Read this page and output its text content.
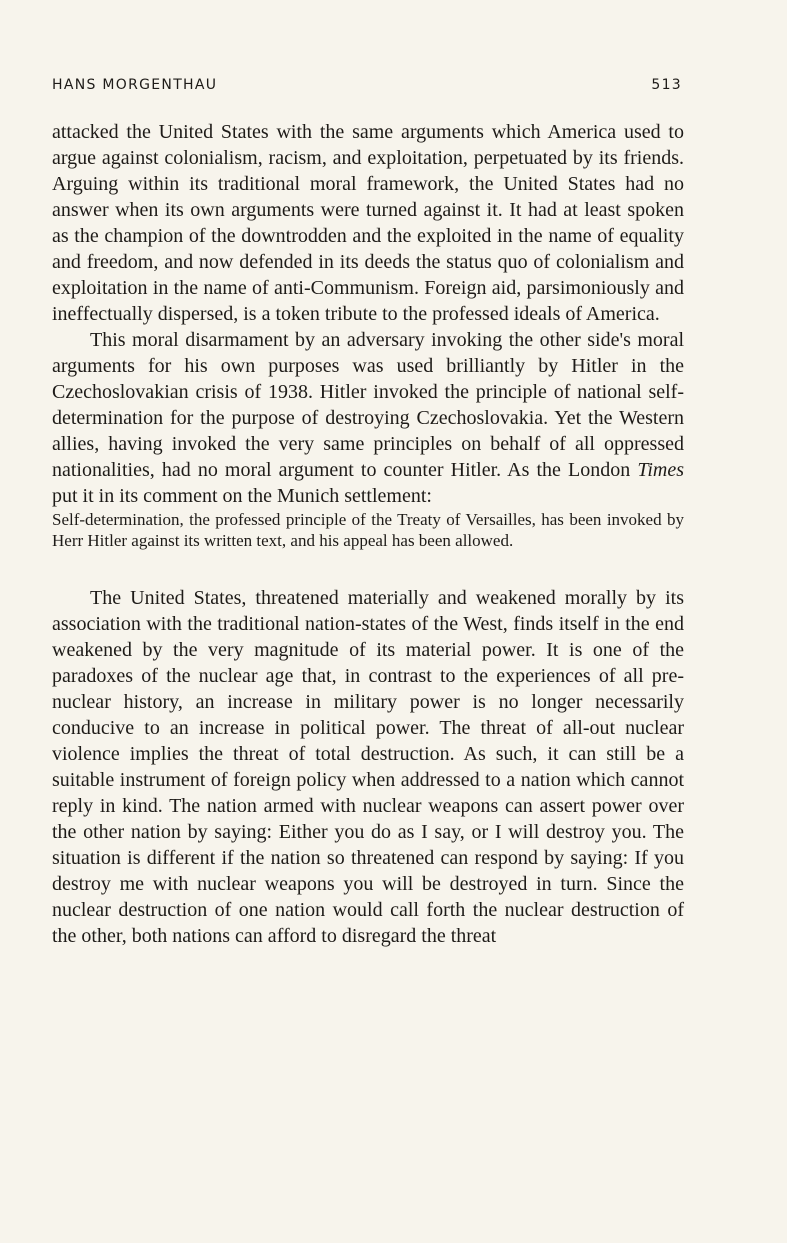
HANS MORGENTHAU	513

attacked the United States with the same arguments which America used to argue against colonialism, racism, and exploitation, perpetuated by its friends. Arguing within its traditional moral framework, the United States had no answer when its own arguments were turned against it. It had at least spoken as the champion of the downtrodden and the exploited in the name of equality and freedom, and now defended in its deeds the status quo of colonialism and exploitation in the name of anti-Communism. Foreign aid, parsimoniously and ineffectually dispersed, is a token tribute to the professed ideals of America.

This moral disarmament by an adversary invoking the other side's moral arguments for his own purposes was used brilliantly by Hitler in the Czechoslovakian crisis of 1938. Hitler invoked the principle of national self-determination for the purpose of destroying Czechoslovakia. Yet the Western allies, having invoked the very same principles on behalf of all oppressed nationalities, had no moral argument to counter Hitler. As the London Times put it in its comment on the Munich settlement:

Self-determination, the professed principle of the Treaty of Versailles, has been invoked by Herr Hitler against its written text, and his appeal has been allowed.

The United States, threatened materially and weakened morally by its association with the traditional nation-states of the West, finds itself in the end weakened by the very magnitude of its material power. It is one of the paradoxes of the nuclear age that, in contrast to the experiences of all pre-nuclear history, an increase in military power is no longer necessarily conducive to an increase in political power. The threat of all-out nuclear violence implies the threat of total destruction. As such, it can still be a suitable instrument of foreign policy when addressed to a nation which cannot reply in kind. The nation armed with nuclear weapons can assert power over the other nation by saying: Either you do as I say, or I will destroy you. The situation is different if the nation so threatened can respond by saying: If you destroy me with nuclear weapons you will be destroyed in turn. Since the nuclear destruction of one nation would call forth the nuclear destruction of the other, both nations can afford to disregard the threat
